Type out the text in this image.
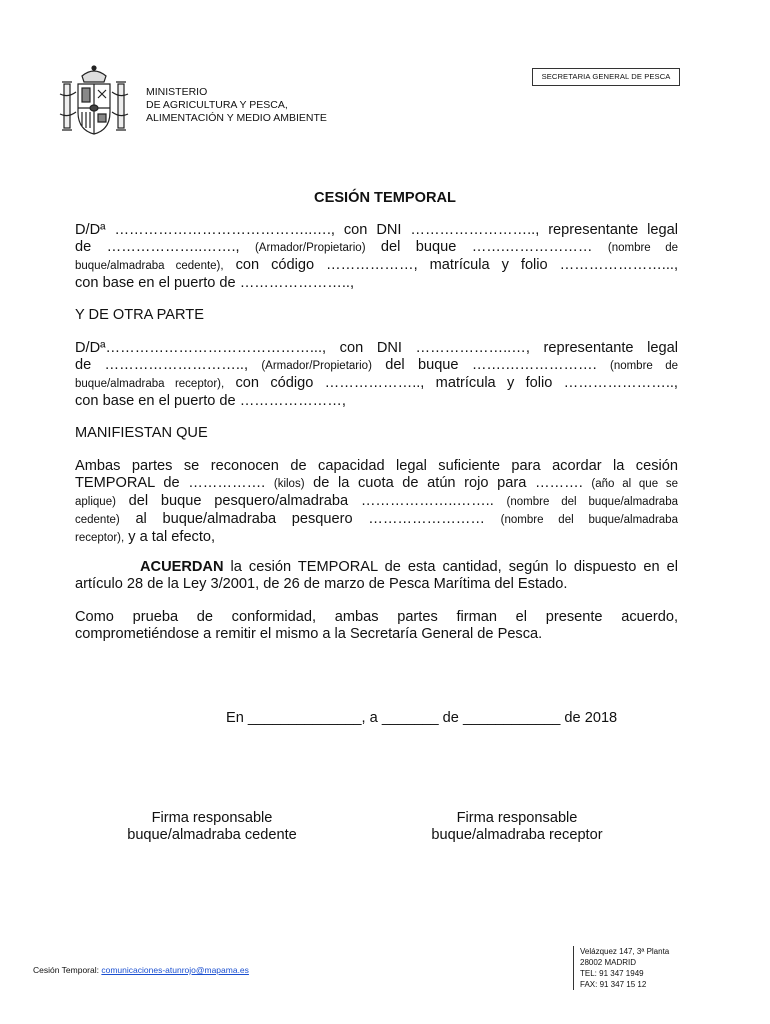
SECRETARIA GENERAL DE PESCA
MINISTERIO
DE AGRICULTURA Y PESCA,
ALIMENTACIÓN Y MEDIO AMBIENTE
CESIÓN TEMPORAL
D/Dª …………………………………..…., con DNI …………………….., representante legal
de ………………..……., (Armador/Propietario) del buque …….……………… (nombre de
buque/almadraba cedente), con código ………………, matrícula y folio …………………...,
con base en el puerto de …………………..,
Y DE OTRA PARTE
D/Dª……………………………………..., con DNI ………………..…, representante legal
de ……………………….., (Armador/Propietario) del buque …….………………. (nombre de
buque/almadraba receptor), con código ……………….., matrícula y folio …………………..,
con base en el puerto de …………………,
MANIFIESTAN QUE
Ambas partes se reconocen de capacidad legal suficiente para acordar la cesión
TEMPORAL de ……………. (kilos) de la cuota de atún rojo para ………. (año al que se
aplique) del buque pesquero/almadraba ………………..…….. (nombre del buque/almadraba
cedente) al buque/almadraba pesquero …………………… (nombre del buque/almadraba
receptor), y a tal efecto,
ACUERDAN la cesión TEMPORAL de esta cantidad, según lo dispuesto en el
artículo 28 de la Ley 3/2001, de 26 de marzo de Pesca Marítima del Estado.
Como prueba de conformidad, ambas partes firman el presente acuerdo,
comprometiéndose a remitir el mismo a la Secretaría General de Pesca.
En ______________, a _______ de ____________ de 2018
Firma responsable
buque/almadraba cedente
Firma responsable
buque/almadraba receptor
Cesión Temporal: comunicaciones-atunrojo@mapama.es
Velázquez 147, 3ª Planta
28002 MADRID
TEL: 91 347 1949
FAX: 91 347 15 12
